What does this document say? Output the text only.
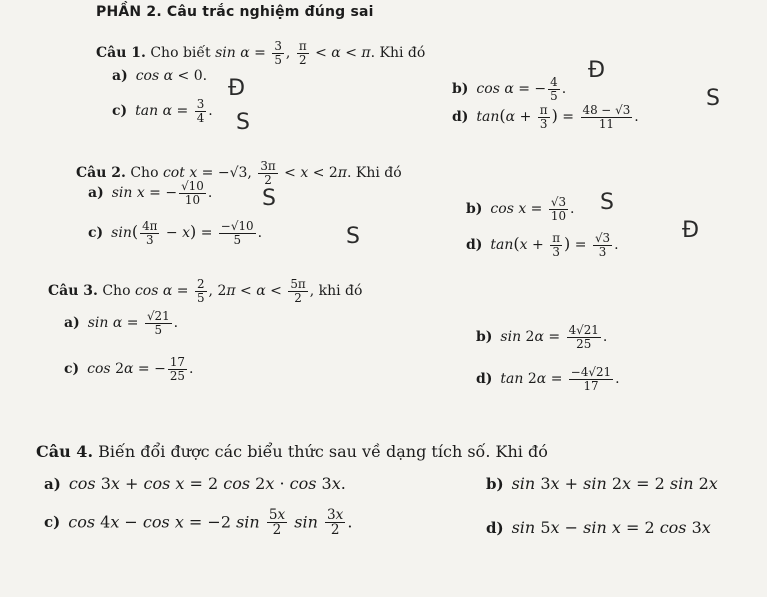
PHẦN 2. Câu trắc nghiệm đúng sai
Câu 1. Cho biết $\sin \alpha = \frac{3}{5}$ , $\frac{\pi}{2} < \alpha < \pi$. Khi đó
a) cos α < 0. Đ	b) cos α = − $\frac{4}{5}$ .
Đ
c) $\tan \alpha = \frac{3}{4}$ . S	d) $\tan(\alpha + \frac{\pi}{3}$ ) = $\frac{48 - √3}{11}$ .
S
Câu 2. Cho cot x = −√3, $\frac{3\pi}{2} < x < 2\pi$. Khi đó
a) sin x = − $\frac{√10}{10}$ . S	b) $\cos x = \frac{√3}{10}$ . S
c) $\sin( \frac{4\pi}{3} - x) = \frac{-√10}{5}$ .	S	d) $\tan(x + \frac{\pi}{3}$ ) = $\frac{√3}{3}$ .
Đ
Câu 3. Cho $\cos \alpha = \frac{2}{5}$ , $2\pi < \alpha < \frac{5\pi}{2}$ , khi đó
a) $\sin \alpha = \frac{√21}{5}$ .
b) $\sin 2\alpha = \frac{4√21}{25}$ .
c) cos 2α = − $\frac{17}{25}$ .
d) $\tan 2\alpha = \frac{-4√21}{17}$ .
Câu 4. Biến đổi được các biểu thức sau về dạng tích số. Khi đó
a) cos 3x + cos x = 2 cos 2x · cos 3x.	b) sin 3x + sin 2x = 2 sin 2x
c) cos 4x − cos x = −2 $\sin \frac{5x}{2}$ $\sin \frac{3x}{2}$ .	d) sin 5x − sin x = 2 cos 3x
